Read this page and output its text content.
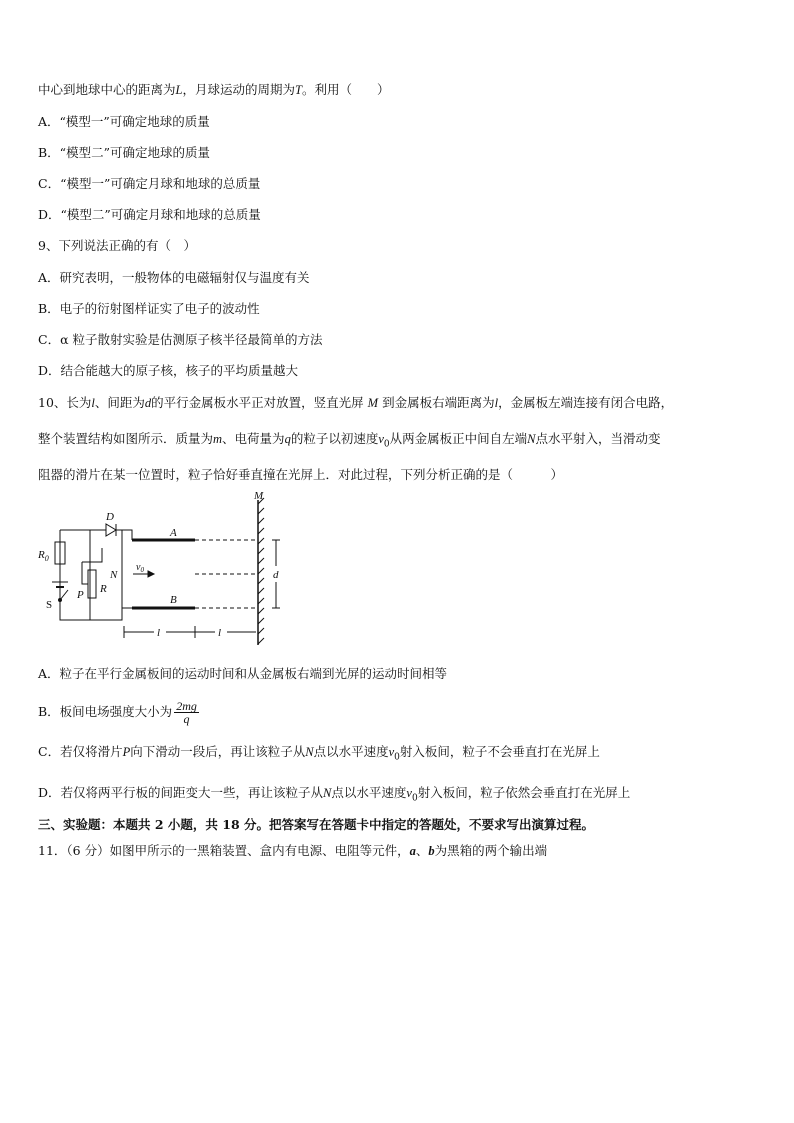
中心到地球中心的距离为L，月球运动的周期为T。利用（　　）
A．“模型一”可确定地球的质量
B．“模型二”可确定地球的质量
C．“模型一”可确定月球和地球的总质量
D．“模型二”可确定月球和地球的总质量
9、下列说法正确的有（　）
A．研究表明，一般物体的电磁辐射仅与温度有关
B．电子的衍射图样证实了电子的波动性
C．α 粒子散射实验是估测原子核半径最简单的方法
D．结合能越大的原子核，核子的平均质量越大
10、长为l、间距为d的平行金属板水平正对放置，竖直光屏 M 到金属板右端距离为l，金属板左端连接有闭合电路，
整个装置结构如图所示．质量为m、电荷量为q的粒子以初速度$v_0$从两金属板正中间自左端N点水平射入，当滑动变
阻器的滑片在某一位置时，粒子恰好垂直撞在光屏上．对此过程，下列分析正确的是（　　　）
D
A
B
$R_0$
N
$v_0$
P R
S
M
d
l	l
A．粒子在平行金属板间的运动时间和从金属板右端到光屏的运动时间相等
B．板间电场强度大小为 $\frac{2mg}{q}$
C．若仅将滑片P向下滑动一段后，再让该粒子从N点以水平速度$v_0$射入板间，粒子不会垂直打在光屏上
D．若仅将两平行板的间距变大一些，再让该粒子从N点以水平速度$v_0$射入板间，粒子依然会垂直打在光屏上
三、实验题：本题共 2 小题，共 18 分。把答案写在答题卡中指定的答题处，不要求写出演算过程。
11．（6 分）如图甲所示的一黑箱装置、盒内有电源、电阻等元件，a、b为黑箱的两个输出端
